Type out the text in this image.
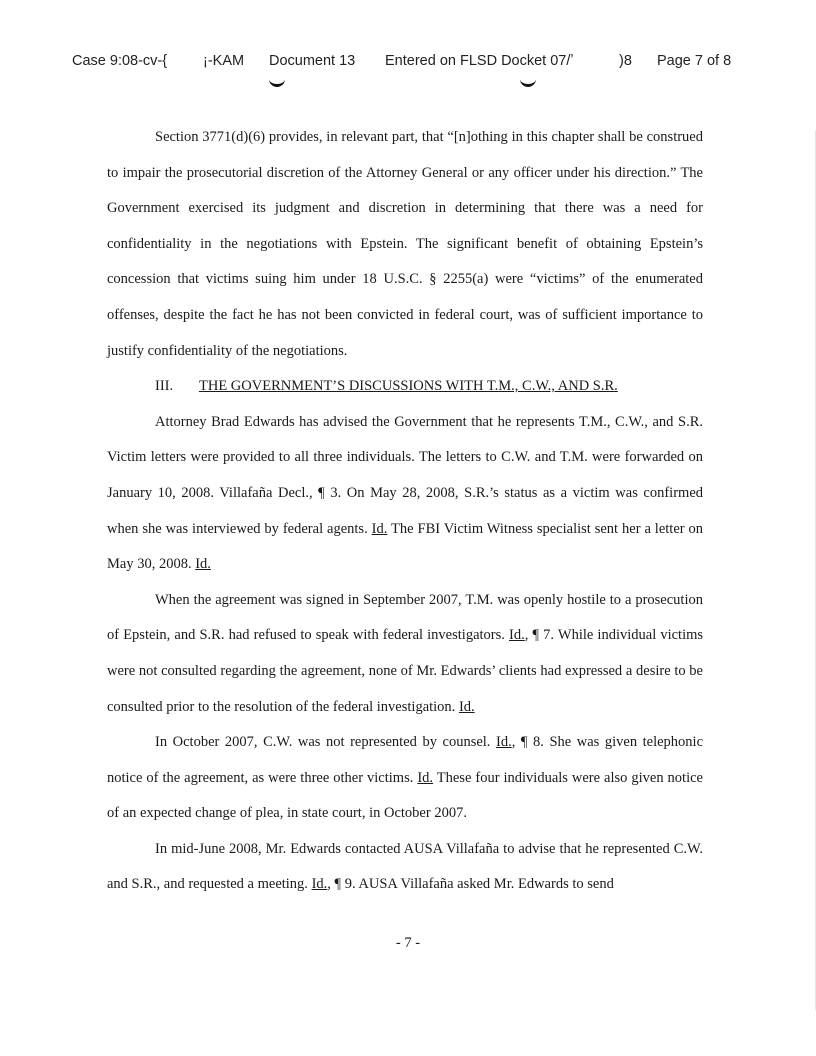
Case 9:08-cv-{ ¡-KAM Document 13 Entered on FLSD Docket 07/ʼ	)8 Page 7 of 8

Section 3771(d)(6) provides, in relevant part, that “[n]othing in this chapter shall be construed to impair the prosecutorial discretion of the Attorney General or any officer under his direction.” The Government exercised its judgment and discretion in determining that there was a need for confidentiality in the negotiations with Epstein. The significant benefit of obtaining Epstein’s concession that victims suing him under 18 U.S.C. § 2255(a) were “victims” of the enumerated offenses, despite the fact he has not been convicted in federal court, was of sufficient importance to justify confidentiality of the negotiations.

III. THE GOVERNMENT’S DISCUSSIONS WITH T.M., C.W., AND S.R.

Attorney Brad Edwards has advised the Government that he represents T.M., C.W., and S.R. Victim letters were provided to all three individuals. The letters to C.W. and T.M. were forwarded on January 10, 2008. Villafaña Decl., ¶ 3. On May 28, 2008, S.R.’s status as a victim was confirmed when she was interviewed by federal agents. Id. The FBI Victim Witness specialist sent her a letter on May 30, 2008. Id.

When the agreement was signed in September 2007, T.M. was openly hostile to a prosecution of Epstein, and S.R. had refused to speak with federal investigators. Id., ¶ 7. While individual victims were not consulted regarding the agreement, none of Mr. Edwards’ clients had expressed a desire to be consulted prior to the resolution of the federal investigation. Id.

In October 2007, C.W. was not represented by counsel. Id., ¶ 8. She was given telephonic notice of the agreement, as were three other victims. Id. These four individuals were also given notice of an expected change of plea, in state court, in October 2007.

In mid-June 2008, Mr. Edwards contacted AUSA Villafaña to advise that he represented C.W. and S.R., and requested a meeting. Id., ¶ 9. AUSA Villafaña asked Mr. Edwards to send

- 7 -
